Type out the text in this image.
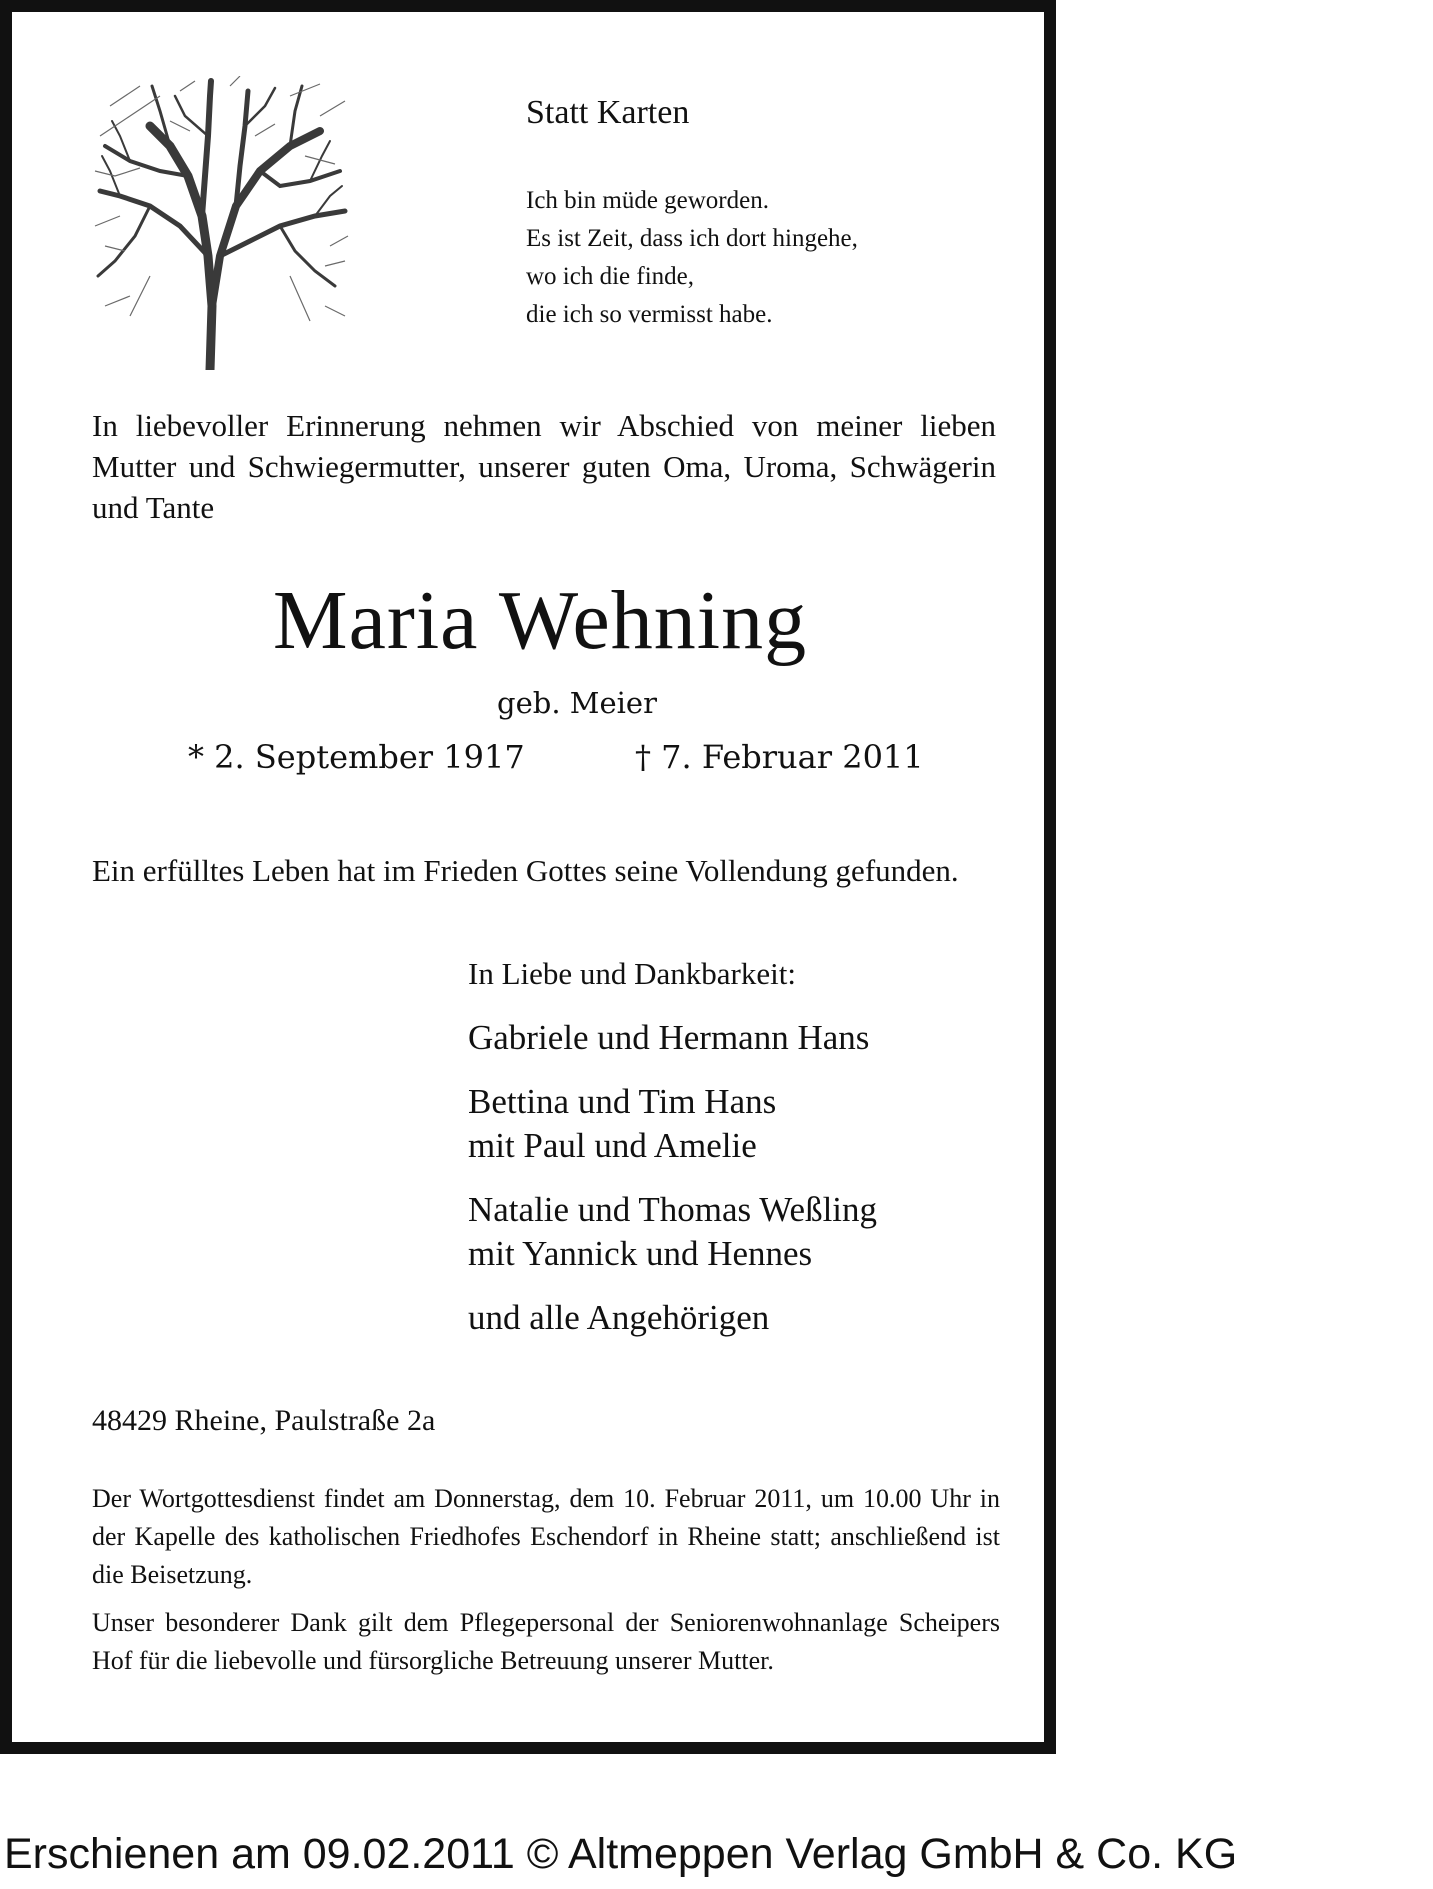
Statt Karten
Ich bin müde geworden.
Es ist Zeit, dass ich dort hingehe,
wo ich die finde,
die ich so vermisst habe.
In liebevoller Erinnerung nehmen wir Abschied von meiner lieben Mutter und Schwiegermutter, unserer guten Oma, Uroma, Schwägerin und Tante
Maria Wehning
geb. Meier
* 2. September 1917	† 7. Februar 2011
Ein erfülltes Leben hat im Frieden Gottes seine Vollendung gefunden.
In Liebe und Dankbarkeit:
Gabriele und Hermann Hans
Bettina und Tim Hans
mit Paul und Amelie
Natalie und Thomas Weßling
mit Yannick und Hennes
und alle Angehörigen
48429 Rheine, Paulstraße 2a
Der Wortgottesdienst findet am Donnerstag, dem 10. Februar 2011, um 10.00 Uhr in der Kapelle des katholischen Friedhofes Eschendorf in Rheine statt; anschließend ist die Beisetzung.
Unser besonderer Dank gilt dem Pflegepersonal der Seniorenwohnanlage Scheipers Hof für die liebevolle und fürsorgliche Betreuung unserer Mutter.
Erschienen am 09.02.2011 © Altmeppen Verlag GmbH & Co. KG
